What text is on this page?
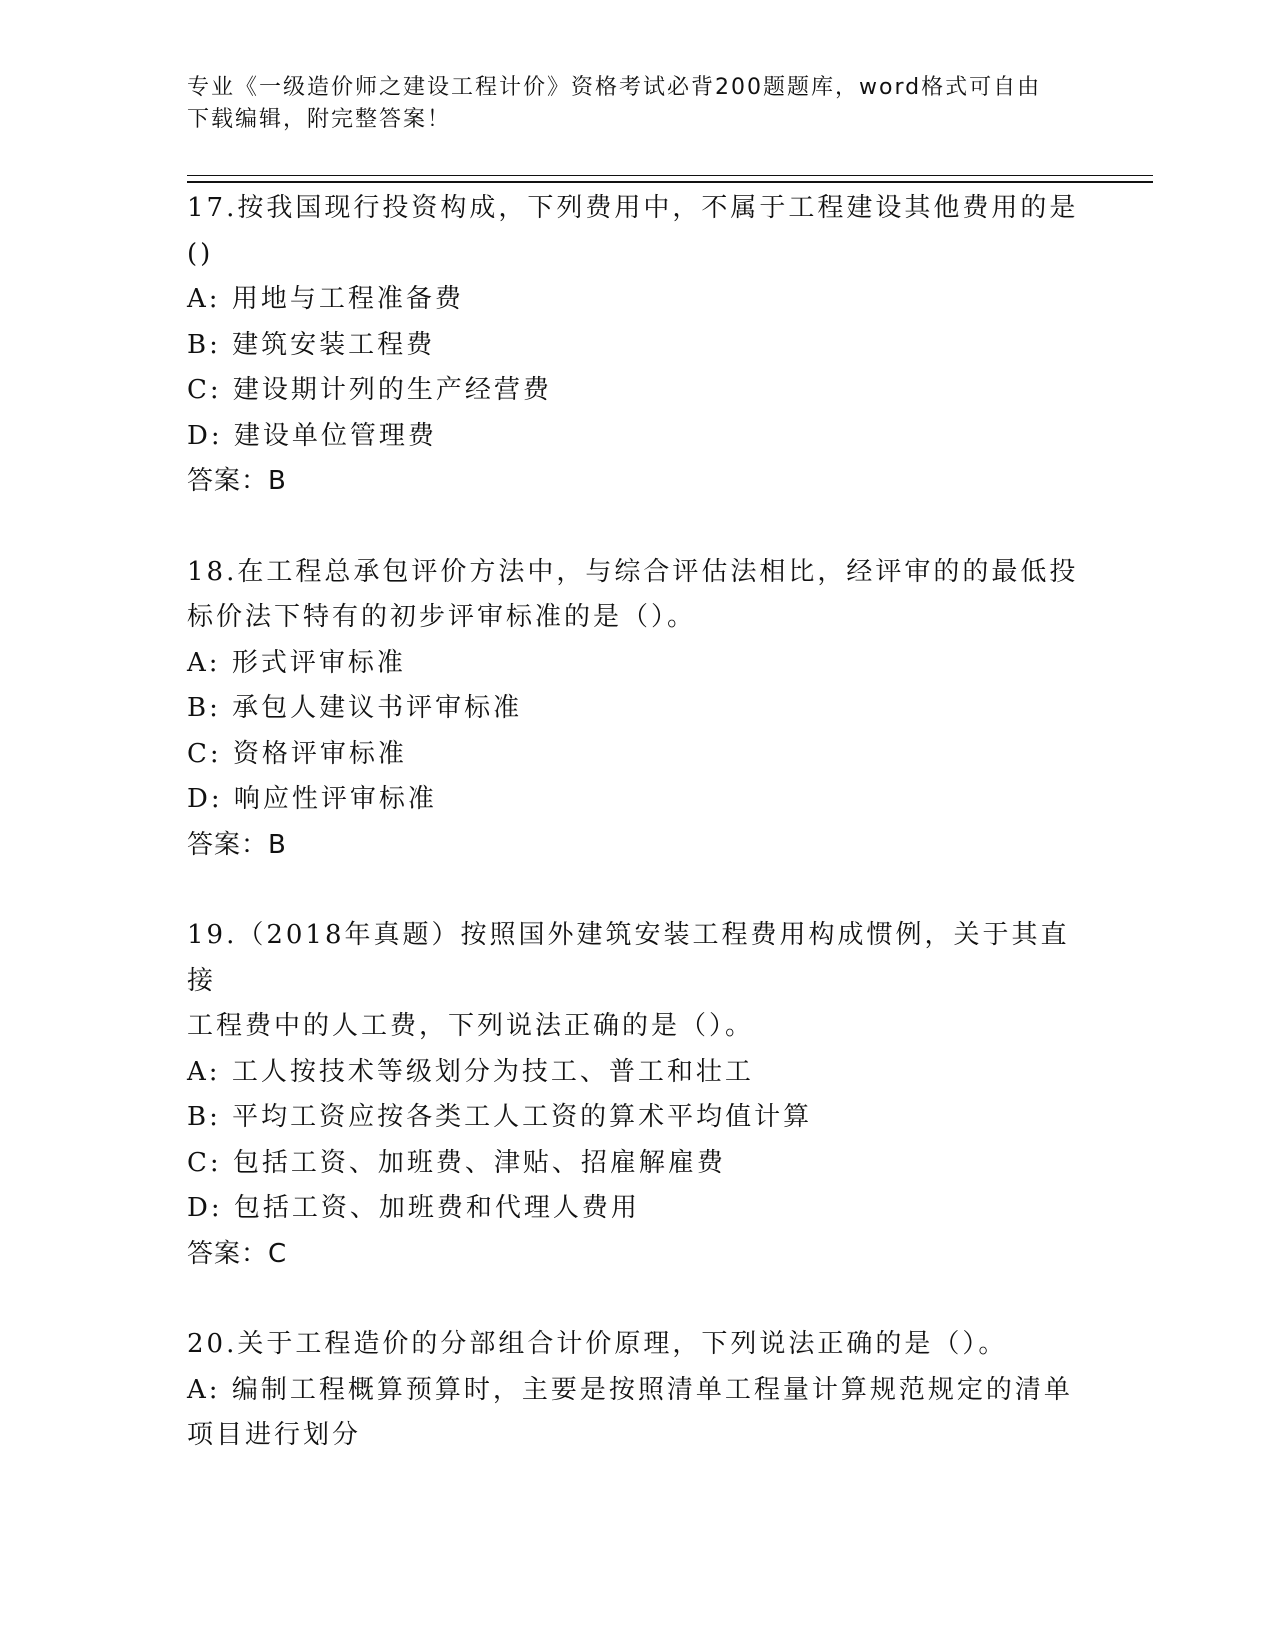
专业《一级造价师之建设工程计价》资格考试必背200题题库，word格式可自由
下载编辑，附完整答案！

17.按我国现行投资构成，下列费用中，不属于工程建设其他费用的是

()

A: 用地与工程准备费

B: 建筑安装工程费

C: 建设期计列的生产经营费

D: 建设单位管理费

答案：B

18.在工程总承包评价方法中，与综合评估法相比，经评审的的最低投

标价法下特有的初步评审标准的是（）。

A: 形式评审标准

B: 承包人建议书评审标准

C: 资格评审标准

D: 响应性评审标准

答案：B

19.（2018年真题）按照国外建筑安装工程费用构成惯例，关于其直接

工程费中的人工费，下列说法正确的是（）。

A: 工人按技术等级划分为技工、普工和壮工

B: 平均工资应按各类工人工资的算术平均值计算

C: 包括工资、加班费、津贴、招雇解雇费

D: 包括工资、加班费和代理人费用

答案：C

20.关于工程造价的分部组合计价原理，下列说法正确的是（）。

A: 编制工程概算预算时，主要是按照清单工程量计算规范规定的清单

项目进行划分
